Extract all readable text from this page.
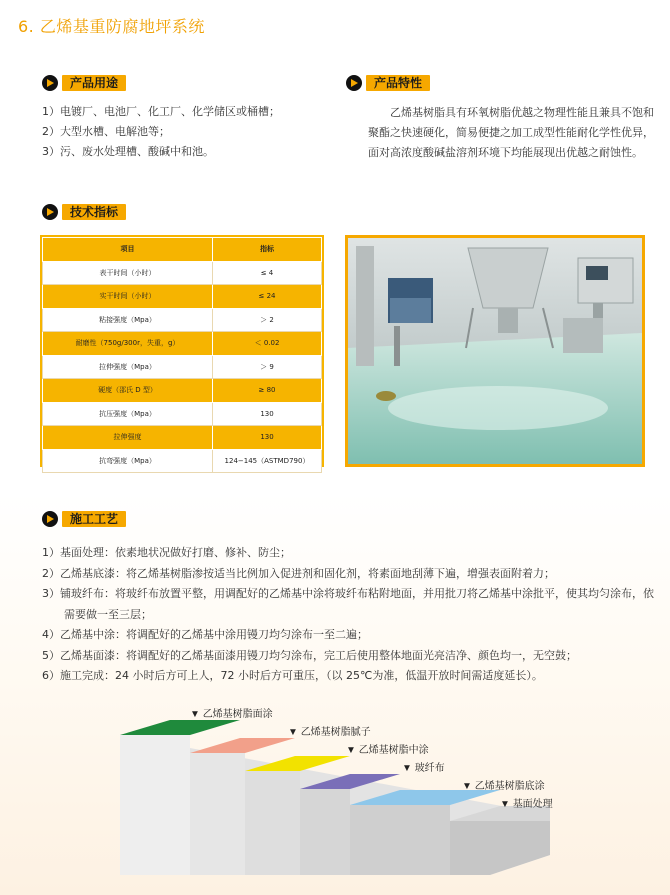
6. 乙烯基重防腐地坪系统
产品用途
1）电镀厂、电池厂、化工厂、化学储区或桶槽；
2）大型水槽、电解池等；
3）污、废水处理槽、酸碱中和池。
产品特性
乙烯基树脂具有环氧树脂优越之物理性能且兼具不饱和聚酯之快速硬化，简易便捷之加工成型性能耐化学性优异，面对高浓度酸碱盐溶剂环境下均能展现出优越之耐蚀性。
技术指标
项目	指标
表干时间（小时）	≤ 4
实干时间（小时）	≤ 24
粘接强度（Mpa）	＞ 2
耐磨性（750g/300r，失重，g）	＜ 0.02
拉伸强度（Mpa）	＞ 9
硬度（邵氏 D 型）	≥ 80
抗压强度（Mpa）	130
拉伸强度	130
抗弯强度（Mpa）	124−145（ASTMD790）
施工工艺
1）基面处理：依素地状况做好打磨、修补、防尘；
2）乙烯基底漆：将乙烯基树脂渗按适当比例加入促进剂和固化剂，将素面地刮薄下遍，增强表面附着力；
3）铺玻纤布：将玻纤布放置平整，用调配好的乙烯基中涂将玻纤布粘附地面，并用批刀将乙烯基中涂批平，使其均匀涂布，依
　　需要做一至三层；
4）乙烯基中涂：将调配好的乙烯基中涂用镘刀均匀涂布一至二遍；
5）乙烯基面漆：将调配好的乙烯基面漆用镘刀均匀涂布，完工后使用整体地面光亮洁净、颜色均一，无空鼓；
6）施工完成：24 小时后方可上人，72 小时后方可重压，（以 25℃为准，低温开放时间需适度延长）。
▼ 乙烯基树脂面涂
▼ 乙烯基树脂腻子
▼ 乙烯基树脂中涂
▼ 玻纤布
▼ 乙烯基树脂底涂
▼ 基面处理
